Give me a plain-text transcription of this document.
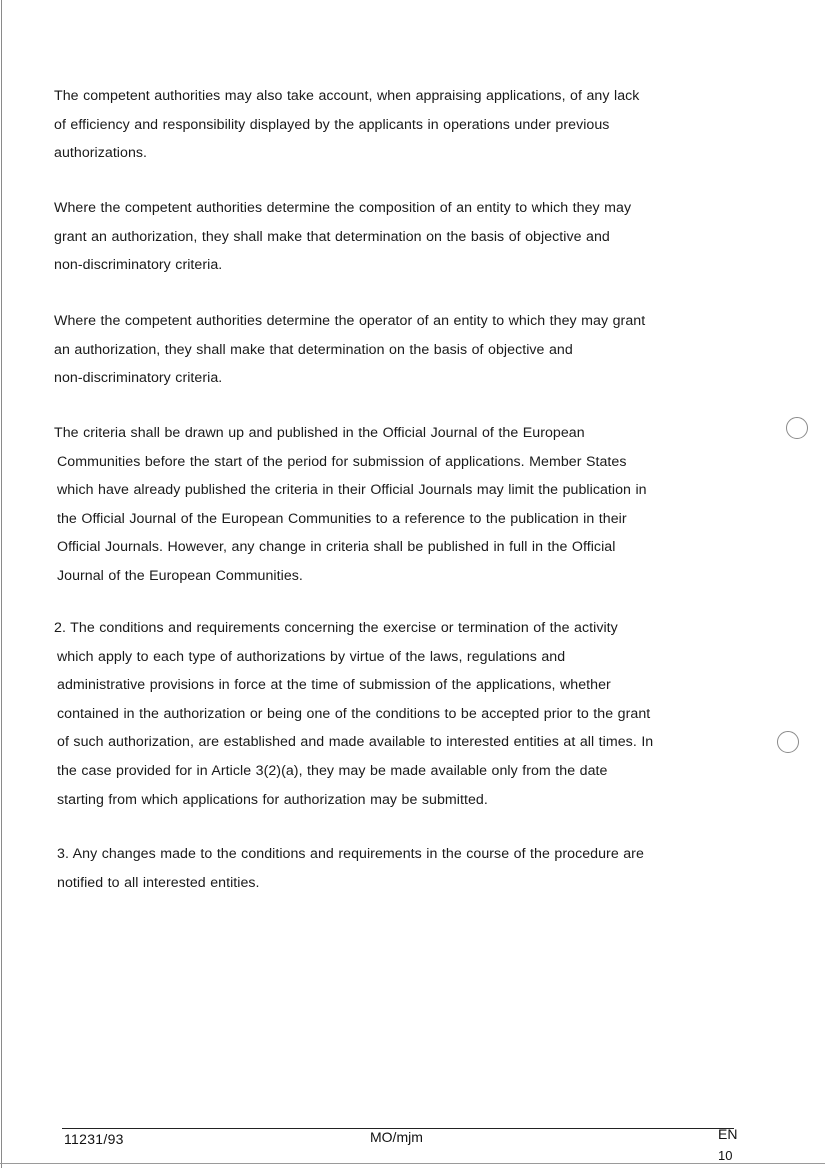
The competent authorities may also take account, when appraising applications, of any lack
of efficiency and responsibility displayed by the applicants in operations under previous
authorizations.
Where the competent authorities determine the composition of an entity to which they may
grant an authorization, they shall make that determination on the basis of objective and
non-discriminatory criteria.
Where the competent authorities determine the operator of an entity to which they may grant
an authorization, they shall make that determination on the basis of objective and
non-discriminatory criteria.
The criteria shall be drawn up and published in the Official Journal of the European
Communities before the start of the period for submission of applications. Member States
which have already published the criteria in their Official Journals may limit the publication in
the Official Journal of the European Communities to a reference to the publication in their
Official Journals. However, any change in criteria shall be published in full in the Official
Journal of the European Communities.
2. The conditions and requirements concerning the exercise or termination of the activity
which apply to each type of authorizations by virtue of the laws, regulations and
administrative provisions in force at the time of submission of the applications, whether
contained in the authorization or being one of the conditions to be accepted prior to the grant
of such authorization, are established and made available to interested entities at all times. In
the case provided for in Article 3(2)(a), they may be made available only from the date
starting from which applications for authorization may be submitted.
3. Any changes made to the conditions and requirements in the course of the procedure are
notified to all interested entities.
11231/93	MO/mjm	EN
10
